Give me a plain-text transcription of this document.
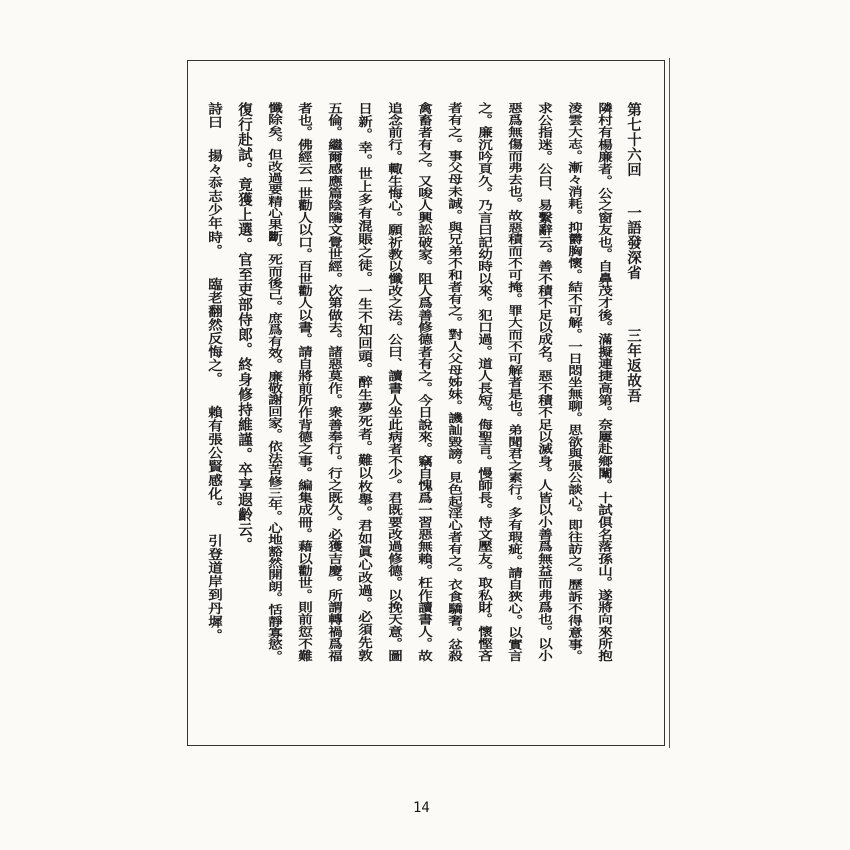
第七十六回一語發深省三年返故吾
隣村有楊廉者。公之窗友也。自鼻茂才後。滿擬連捷高第。奈屢赴鄉闈。十試俱名落孫山。遂將向來所抱
淩雲大志。漸々消耗。抑欝胸懷。結不可解。一日悶坐無聊。思欲與張公談心。即往訪之。歷訴不得意事。
求公指迷。公曰、易繫辭云。善不積不足以成名。惡不積不足以滅身。人皆以小善爲無益而弗爲也。以小
惡爲無傷而弗去也。故惡積而不可掩。罪大而不可解者是也。弟聞君之素行。多有瑕疵。請自狹心。以實言
之。廉沉吟頁久。乃言曰記幼時以來。犯口過。道人長短。侮聖言。慢師長。恃文壓友。取私財。懷慳吝
者有之。事父母未誠。與兄弟不和者有之。對人父母姊妹。譏訕毀謗。見色起淫心者有之。衣食驕奢。忿殺
禽畜者有之。又唆人興訟破家。阻人爲善修德者有之。今日說來。竊自愧爲一習惡無賴。枉作讀書人。故
追念前行。輙生悔心。願祈教以懺改之法。公曰、讀書人坐此病者不少。君既要改過修德。以挽天意。圖
日新。幸。世上多有混賬之徒。一生不知回頭。醉生夢死者。難以枚舉。君如眞心改過。必須先敦
五倫。繼爾感應篇陰隲文覺世經。次第做去。諸惡莫作。衆善奉行。行之既久。必獲吉慶。所謂轉禍爲福
者也。佛經云一世勸人以口。百世勸人以書。請自將前所作背德之事。編集成冊。藉以勸世。則前愆不難
懺除矣。但改過要精心果斷。死而後己。庶爲有效。廉敬謝回家。依法苦修三年。心地豁然開朗。恬靜寡慾。
復行赴試。竟獲上選。官至吏部侍郎。終身修持維謹。卒享遐齡云。
詩曰揚々忝志少年時。臨老翻然反悔之。賴有張公賢感化。引登道岸到丹墀。
14
